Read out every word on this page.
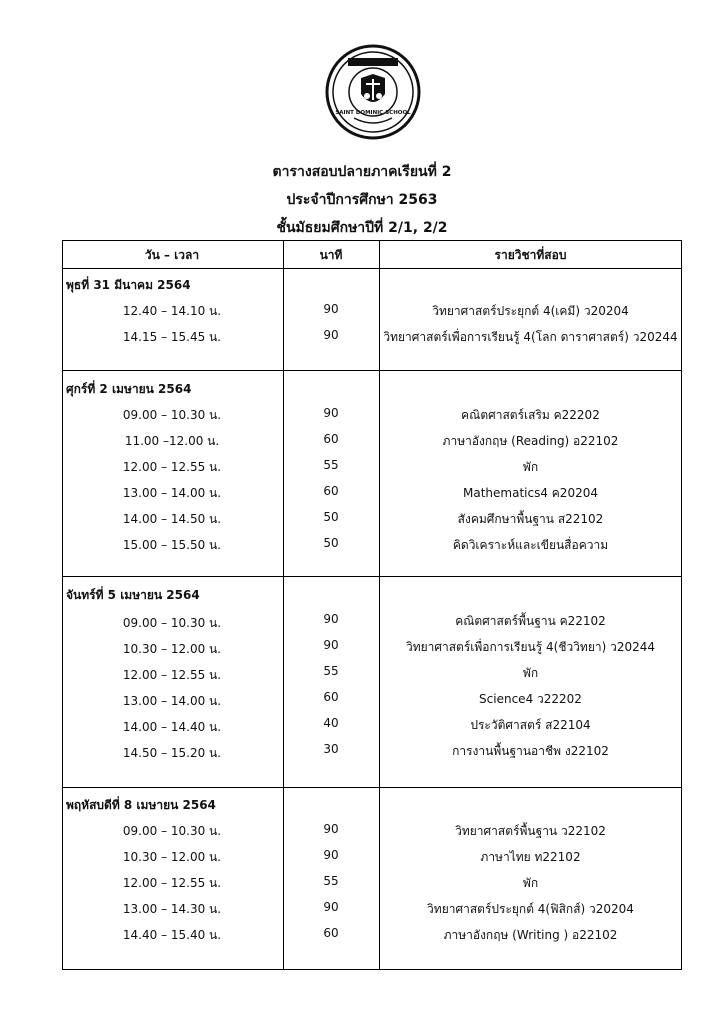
SAINT DOMINIC SCHOOL
ตารางสอบปลายภาคเรียนที่ 2
ประจำปีการศึกษา 2563
ชั้นมัธยมศึกษาปีที่ 2/1, 2/2
วัน – เวลา	นาที	รายวิชาที่สอบ
พุธที่ 31 มีนาคม 2564
12.40 – 14.10 น.	90	วิทยาศาสตร์ประยุกต์ 4(เคมี) ว20204
14.15 – 15.45 น.	90	วิทยาศาสตร์เพื่อการเรียนรู้ 4(โลก ดาราศาสตร์) ว20244
ศุกร์ที่ 2 เมษายน 2564
09.00 – 10.30 น.	90	คณิตศาสตร์เสริม ค22202
11.00 –12.00 น.	60	ภาษาอังกฤษ (Reading) อ22102
12.00 – 12.55 น.	55	พัก
13.00 – 14.00 น.	60	Mathematics4 ค20204
14.00 – 14.50 น.	50	สังคมศึกษาพื้นฐาน ส22102
15.00 – 15.50 น.	50	คิดวิเคราะห์และเขียนสื่อความ
จันทร์ที่ 5 เมษายน 2564
09.00 – 10.30 น.	90	คณิตศาสตร์พื้นฐาน ค22102
10.30 – 12.00 น.	90	วิทยาศาสตร์เพื่อการเรียนรู้ 4(ชีววิทยา) ว20244
12.00 – 12.55 น.	55	พัก
13.00 – 14.00 น.	60	Science4 ว22202
14.00 – 14.40 น.	40	ประวัติศาสตร์ ส22104
14.50 – 15.20 น.	30	การงานพื้นฐานอาชีพ ง22102
พฤหัสบดีที่ 8 เมษายน 2564
09.00 – 10.30 น.	90	วิทยาศาสตร์พื้นฐาน ว22102
10.30 – 12.00 น.	90	ภาษาไทย ท22102
12.00 – 12.55 น.	55	พัก
13.00 – 14.30 น.	90	วิทยาศาสตร์ประยุกต์ 4(ฟิสิกส์) ว20204
14.40 – 15.40 น.	60	ภาษาอังกฤษ (Writing ) อ22102
